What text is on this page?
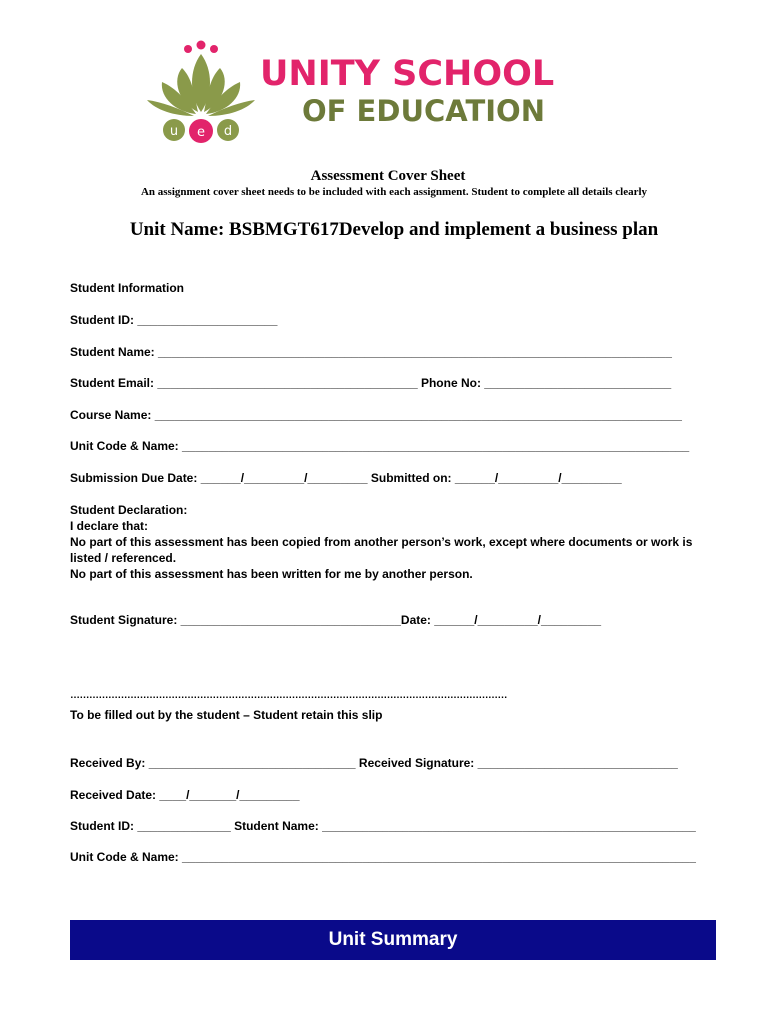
u e d
UNITY SCHOOL
OF EDUCATION
Assessment Cover Sheet

An assignment cover sheet needs to be included with each assignment. Student to complete all details clearly

Unit Name: BSBMGT617Develop and implement a business plan

Student Information

Student ID: _____________________

Student Name: _____________________________________________________________________________

Student Email: _______________________________________ Phone No: ____________________________

Course Name: _______________________________________________________________________________

Unit Code & Name: ____________________________________________________________________________

Submission Due Date: ______/_________/_________ Submitted on: ______/_________/_________

Student Declaration:

I declare that:

No part of this assessment has been copied from another person’s work, except where documents or work is listed / referenced.

No part of this assessment has been written for me by another person.

Student Signature: _________________________________Date: ______/_________/_________

…………………………………………………………………………………………………………………………

To be filled out by the student – Student retain this slip

Received By: _______________________________ Received Signature: ______________________________

Received Date: ____/_______/_________

Student ID: ______________ Student Name: ________________________________________________________

Unit Code & Name: _____________________________________________________________________________

Unit Summary
